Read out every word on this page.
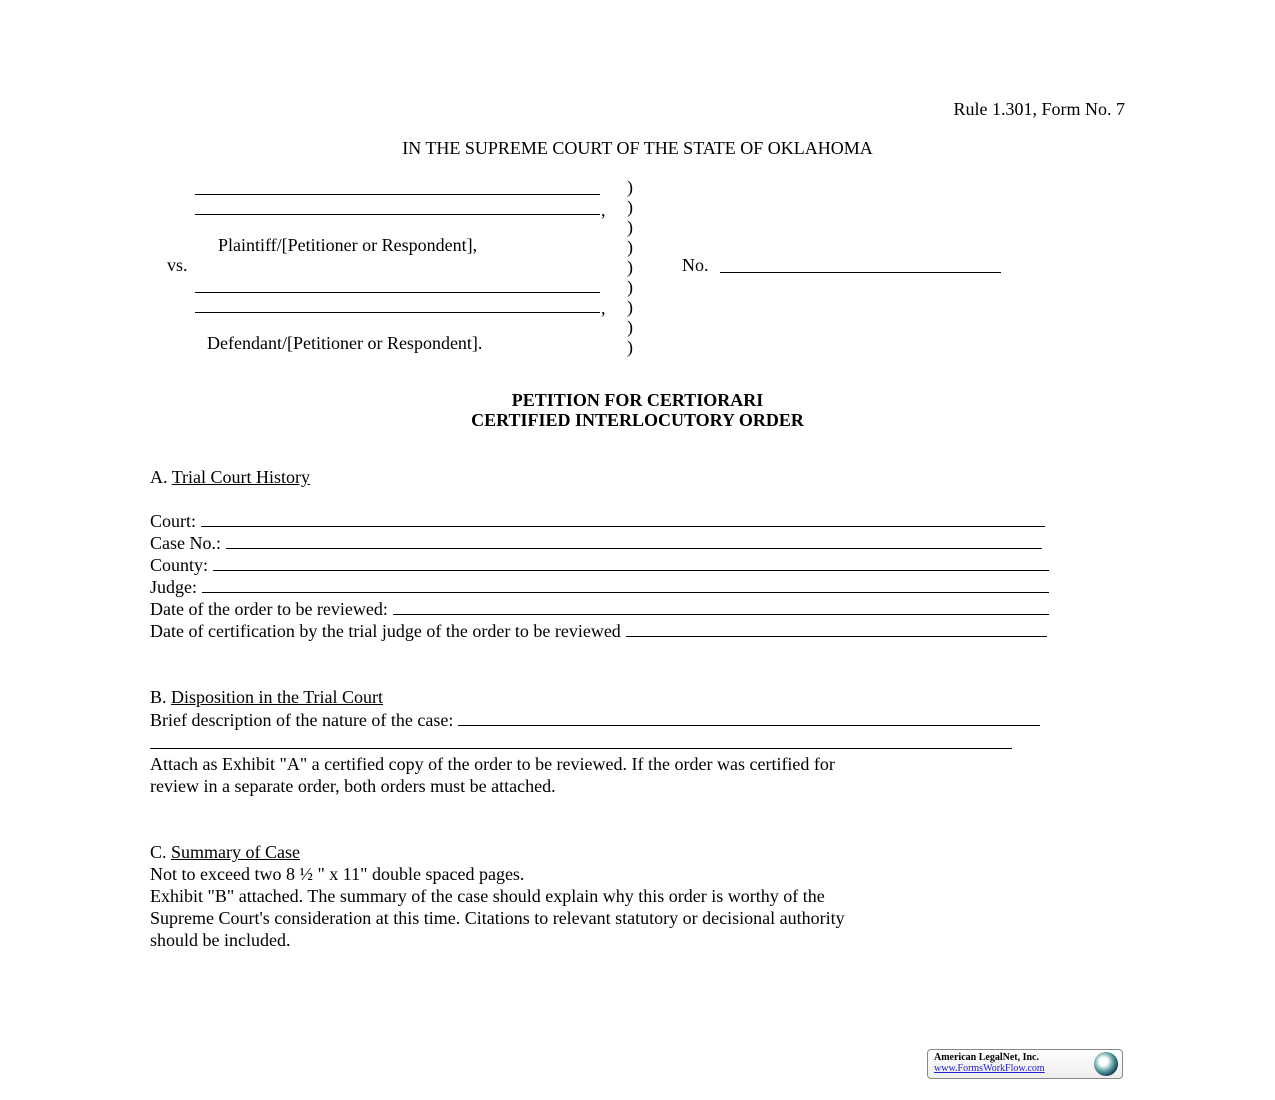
Rule 1.301, Form No. 7
IN THE SUPREME COURT OF THE STATE OF OKLAHOMA
,
Plaintiff/[Petitioner or Respondent],
vs.
,
Defendant/[Petitioner or Respondent].
)
)
)
)
)
)
)
)
)
No.
PETITION FOR CERTIORARI
CERTIFIED INTERLOCUTORY ORDER
A. Trial Court History
Court:
Case No.:
County:
Judge:
Date of the order to be reviewed:
Date of certification by the trial judge of the order to be reviewed
B. Disposition in the Trial Court
Brief description of the nature of the case:
Attach as Exhibit "A" a certified copy of the order to be reviewed. If the order was certified for
review in a separate order, both orders must be attached.
C. Summary of Case
Not to exceed two 8 ½ " x 11" double spaced pages.
Exhibit "B" attached. The summary of the case should explain why this order is worthy of the
Supreme Court's consideration at this time. Citations to relevant statutory or decisional authority
should be included.
American LegalNet, Inc.
www.FormsWorkFlow.com
